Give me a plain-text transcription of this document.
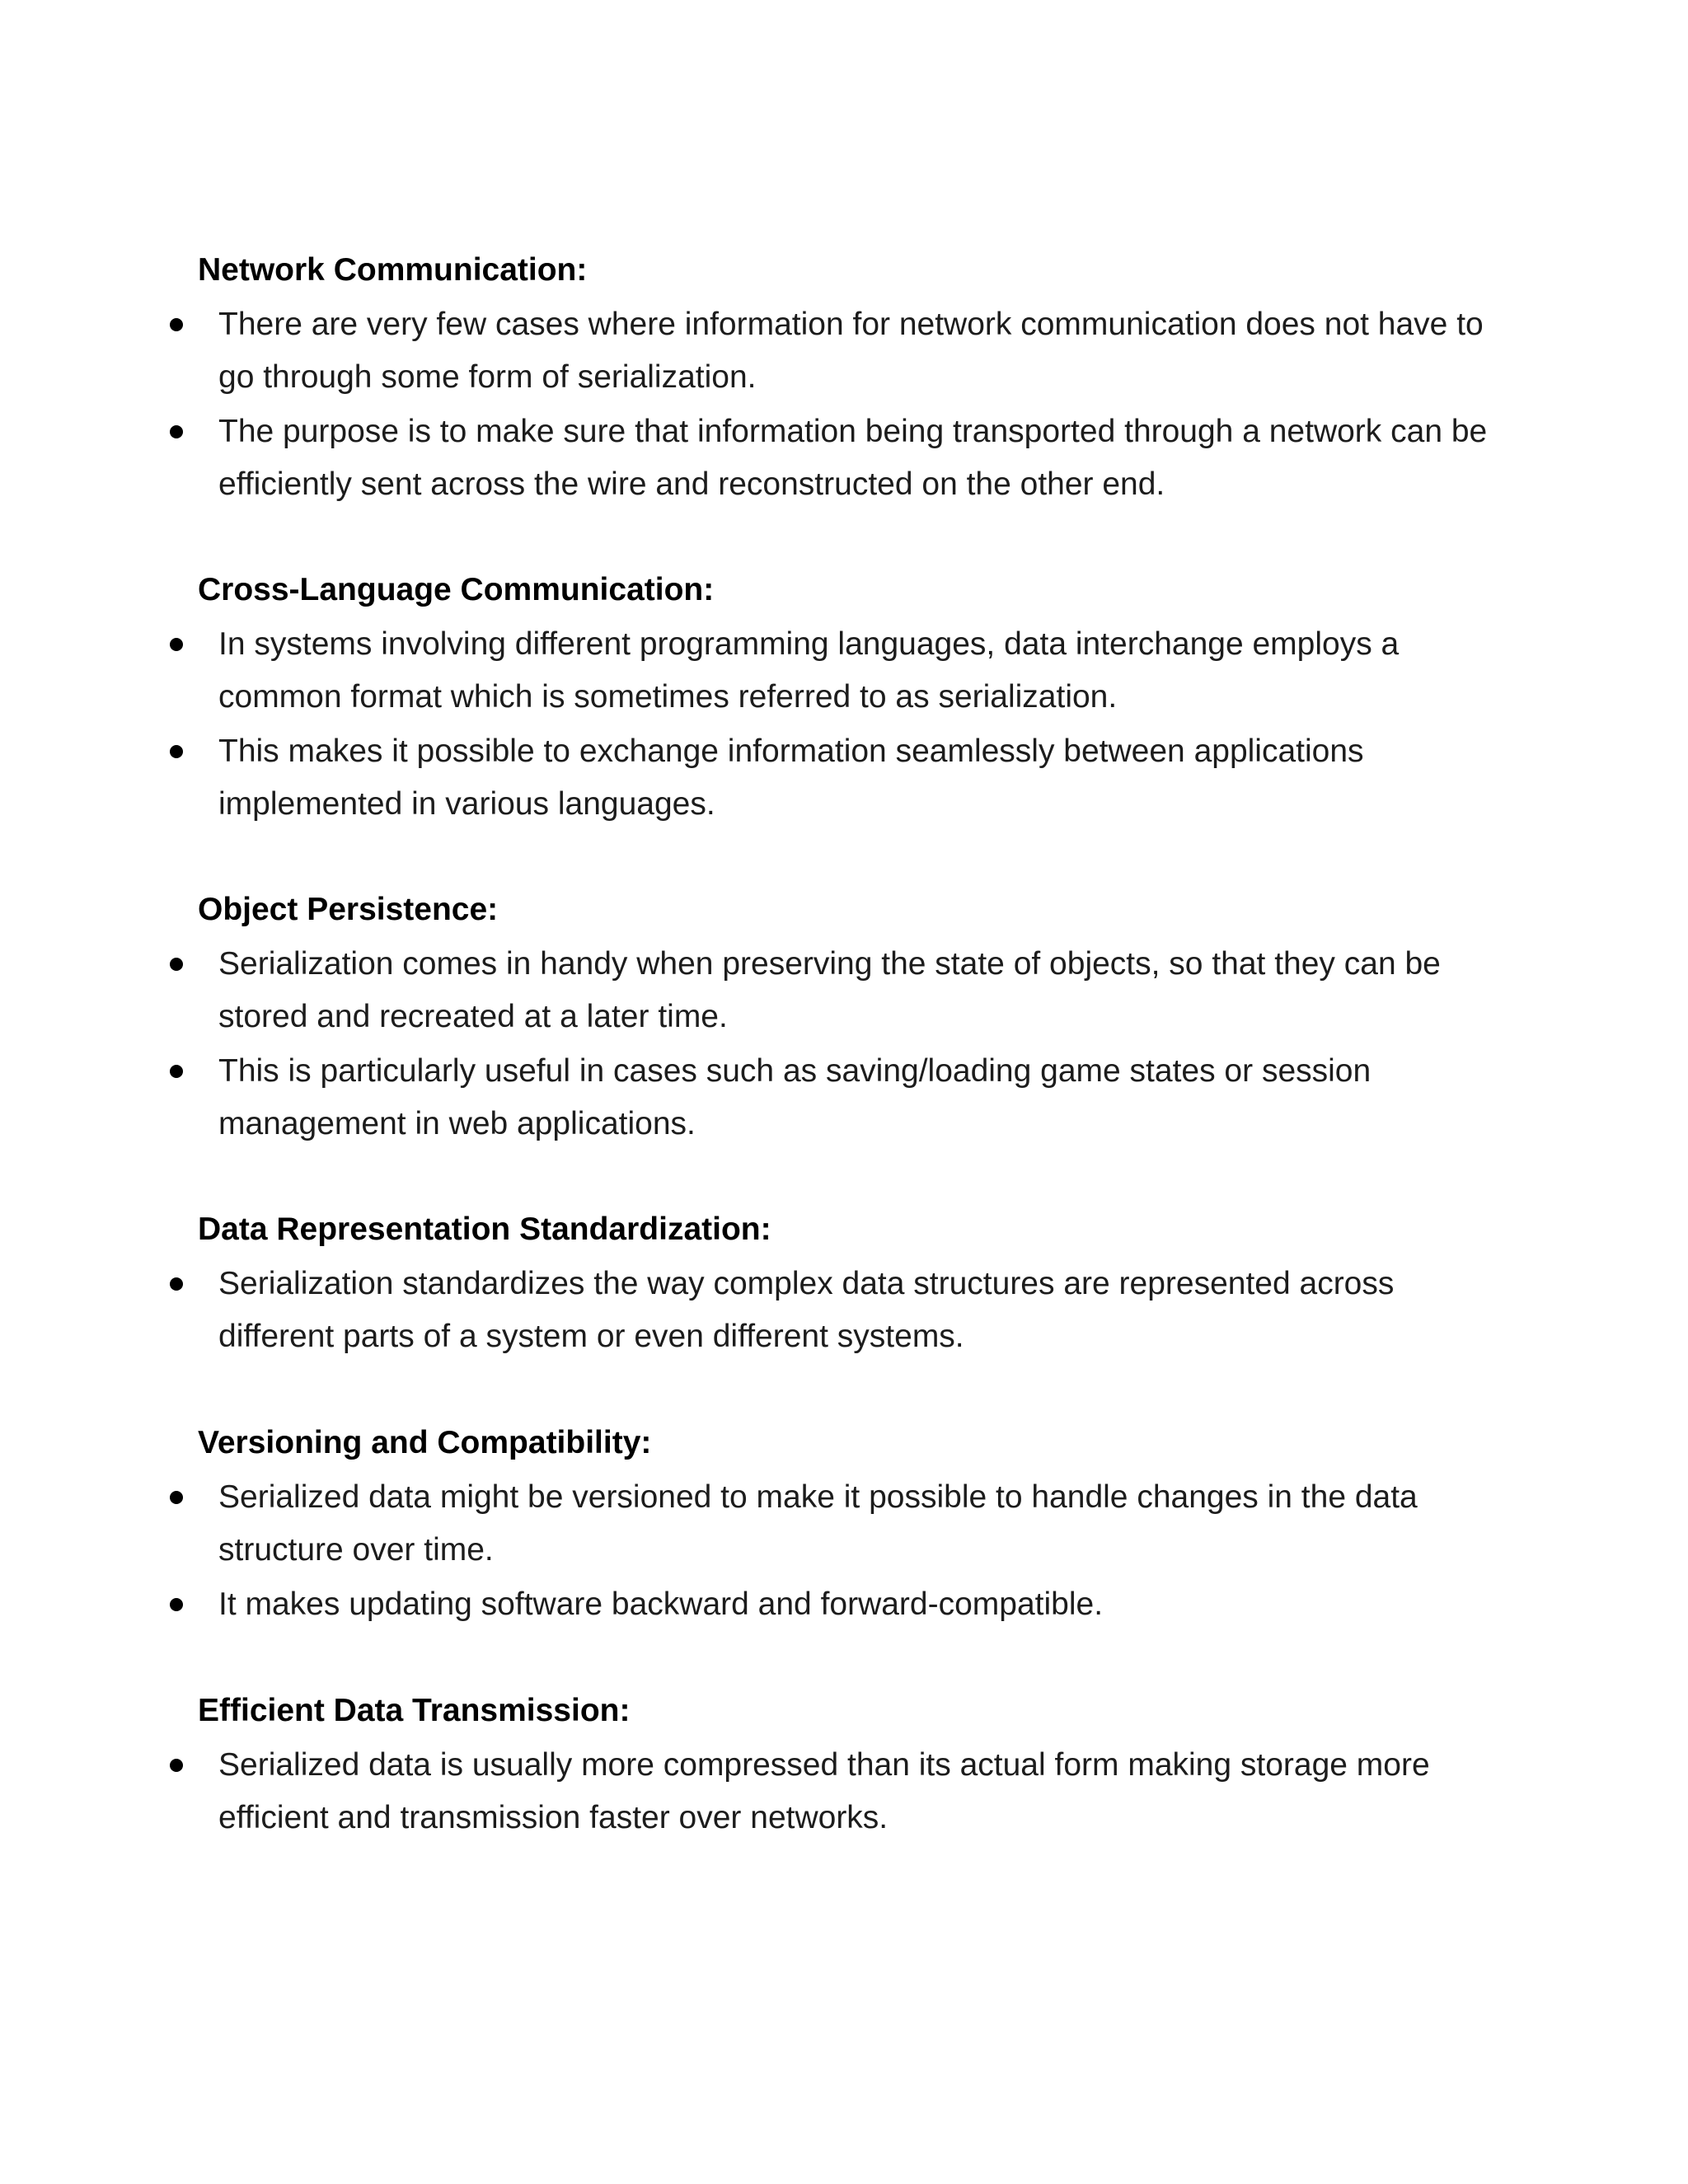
Network Communication:
There are very few cases where information for network communication does not have to go through some form of serialization.
The purpose is to make sure that information being transported through a network can be efficiently sent across the wire and reconstructed on the other end.
Cross-Language Communication:
In systems involving different programming languages, data interchange employs a common format which is sometimes referred to as serialization.
This makes it possible to exchange information seamlessly between applications implemented in various languages.
Object Persistence:
Serialization comes in handy when preserving the state of objects, so that they can be stored and recreated at a later time.
This is particularly useful in cases such as saving/loading game states or session management in web applications.
Data Representation Standardization:
Serialization standardizes the way complex data structures are represented across different parts of a system or even different systems.
Versioning and Compatibility:
Serialized data might be versioned to make it possible to handle changes in the data structure over time.
It makes updating software backward and forward-compatible.
Efficient Data Transmission:
Serialized data is usually more compressed than its actual form making storage more efficient and transmission faster over networks.
